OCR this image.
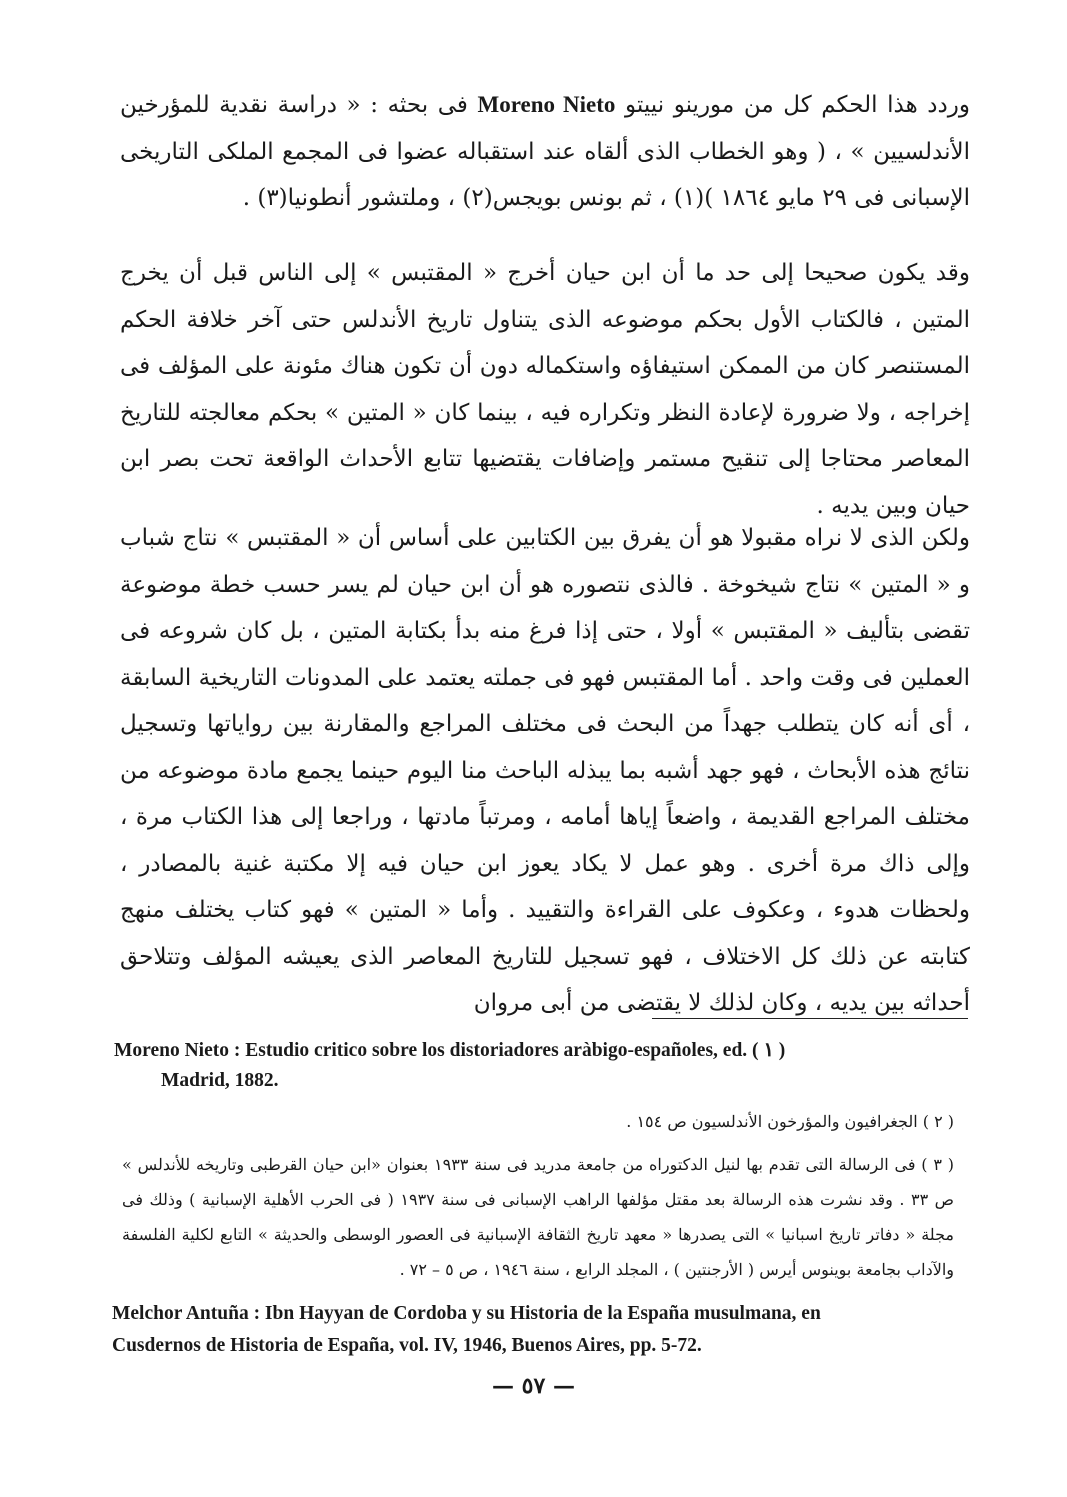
وردد هذا الحكم كل من مورينو نييتو Moreno Nieto فى بحثه : « دراسة نقدية للمؤرخين الأندلسيين » ، ( وهو الخطاب الذى ألقاه عند استقباله عضوا فى المجمع الملكى التاريخى الإسبانى فى ٢٩ مايو ١٨٦٤ )(١) ، ثم بونس بويجس(٢) ، وملتشور أنطونيا(٣) .

وقد يكون صحيحا إلى حد ما أن ابن حيان أخرج « المقتبس » إلى الناس قبل أن يخرج المتين ، فالكتاب الأول بحكم موضوعه الذى يتناول تاريخ الأندلس حتى آخر خلافة الحكم المستنصر كان من الممكن استيفاؤه واستكماله دون أن تكون هناك مئونة على المؤلف فى إخراجه ، ولا ضرورة لإعادة النظر وتكراره فيه ، بينما كان « المتين » بحكم معالجته للتاريخ المعاصر محتاجا إلى تنقيح مستمر وإضافات يقتضيها تتابع الأحداث الواقعة تحت بصر ابن حيان وبين يديه .

ولكن الذى لا نراه مقبولا هو أن يفرق بين الكتابين على أساس أن « المقتبس » نتاج شباب و « المتين » نتاج شيخوخة . فالذى نتصوره هو أن ابن حيان لم يسر حسب خطة موضوعة تقضى بتأليف « المقتبس » أولا ، حتى إذا فرغ منه بدأ بكتابة المتين ، بل كان شروعه فى العملين فى وقت واحد . أما المقتبس فهو فى جملته يعتمد على المدونات التاريخية السابقة ، أى أنه كان يتطلب جهداً من البحث فى مختلف المراجع والمقارنة بين رواياتها وتسجيل نتائج هذه الأبحاث ، فهو جهد أشبه بما يبذله الباحث منا اليوم حينما يجمع مادة موضوعه من مختلف المراجع القديمة ، واضعاً إياها أمامه ، ومرتباً مادتها ، وراجعا إلى هذا الكتاب مرة ، وإلى ذاك مرة أخرى . وهو عمل لا يكاد يعوز ابن حيان فيه إلا مكتبة غنية بالمصادر ، ولحظات هدوء ، وعكوف على القراءة والتقييد . وأما « المتين » فهو كتاب يختلف منهج كتابته عن ذلك كل الاختلاف ، فهو تسجيل للتاريخ المعاصر الذى يعيشه المؤلف وتتلاحق أحداثه بين يديه ، وكان لذلك لا يقتضى من أبى مروان

Moreno Nieto : Estudio critico sobre los distoriadores aràbigo-españoles, ed. ( ١ )

Madrid, 1882.

( ٢ ) الجغرافيون والمؤرخون الأندلسيون ص ١٥٤ .

( ٣ ) فى الرسالة التى تقدم بها لنيل الدكتوراه من جامعة مدريد فى سنة ١٩٣٣ بعنوان «ابن حيان القرطبى وتاريخه للأندلس » ص ٣٣ . وقد نشرت هذه الرسالة بعد مقتل مؤلفها الراهب الإسبانى فى سنة ١٩٣٧ ( فى الحرب الأهلية الإسبانية ) وذلك فى مجلة « دفاتر تاريخ اسبانيا » التى يصدرها « معهد تاريخ الثقافة الإسبانية فى العصور الوسطى والحديثة » التابع لكلية الفلسفة والآداب بجامعة بوينوس أيرس ( الأرجنتين ) ، المجلد الرابع ، سنة ١٩٤٦ ، ص ٥ – ٧٢ .

Melchor Antuña : Ibn Hayyan de Cordoba y su Historia de la España musulmana, en

Cusdernos de Historia de España, vol. IV, 1946, Buenos Aires, pp. 5-72.

— ٥٧ —
